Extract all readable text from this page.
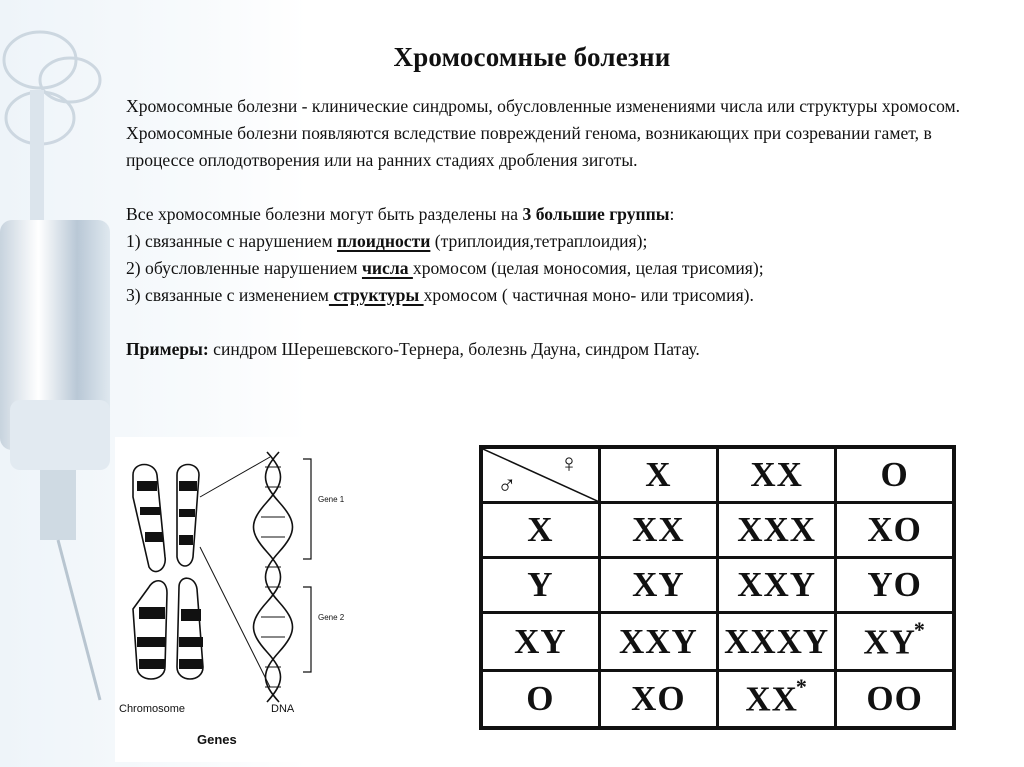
Хромосомные болезни

Хромосомные болезни - клинические синдромы, обусловленные изменениями числа или структуры хромосом. Хромосомные болезни появляются вследствие повреждений генома, возникающих при созревании гамет, в процессе оплодотворения или на ранних стадиях дробления зиготы.

Все хромосомные болезни могут быть разделены на 3 большие группы:

1) связанные с нарушением плоидности (триплоидия,тетраплоидия);

2) обусловленные нарушением числа хромосом (целая моносомия, целая трисомия);

3) связанные с изменением структуры хромосом ( частичная моно- или трисомия).

Примеры: синдром Шерешевского-Тернера, болезнь Дауна, синдром Патау.

Gene 1
Gene 2
Chromosome	DNA
Genes
♀
♂	X	XX	O
X	XX	XXX	XO
Y	XY	XXY	YO
XY	XXY	XXXY	XY*
O	XO	XX*	OO
